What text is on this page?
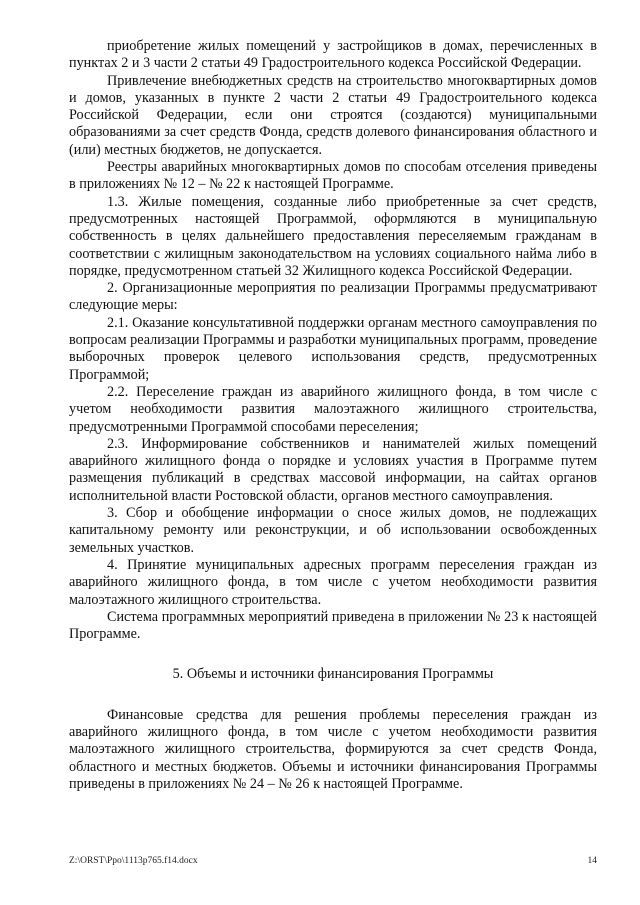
приобретение жилых помещений у застройщиков в домах, перечисленных в пунктах 2 и 3 части 2 статьи 49 Градостроительного кодекса Российской Федерации.

Привлечение внебюджетных средств на строительство многоквартирных домов и домов, указанных в пункте 2 части 2 статьи 49 Градостроительного кодекса Российской Федерации, если они строятся (создаются) муниципальными образованиями за счет средств Фонда, средств долевого финансирования областного и (или) местных бюджетов, не допускается.

Реестры аварийных многоквартирных домов по способам отселения приведены в приложениях № 12 – № 22 к настоящей Программе.

1.3. Жилые помещения, созданные либо приобретенные за счет средств, предусмотренных настоящей Программой, оформляются в муниципальную собственность в целях дальнейшего предоставления переселяемым гражданам в соответствии с жилищным законодательством на условиях социального найма либо в порядке, предусмотренном статьей 32 Жилищного кодекса Российской Федерации.

2. Организационные мероприятия по реализации Программы предусматривают следующие меры:

2.1. Оказание консультативной поддержки органам местного самоуправления по вопросам реализации Программы и разработки муниципальных программ, проведение выборочных проверок целевого использования средств, предусмотренных Программой;

2.2. Переселение граждан из аварийного жилищного фонда, в том числе с учетом необходимости развития малоэтажного жилищного строительства, предусмотренными Программой способами переселения;

2.3. Информирование собственников и нанимателей жилых помещений аварийного жилищного фонда о порядке и условиях участия в Программе путем размещения публикаций в средствах массовой информации, на сайтах органов исполнительной власти Ростовской области, органов местного самоуправления.

3. Сбор и обобщение информации о сносе жилых домов, не подлежащих капитальному ремонту или реконструкции, и об использовании освобожденных земельных участков.

4. Принятие муниципальных адресных программ переселения граждан из аварийного жилищного фонда, в том числе с учетом необходимости развития малоэтажного жилищного строительства.

Система программных мероприятий приведена в приложении № 23 к настоящей Программе.

5. Объемы и источники финансирования Программы

Финансовые средства для решения проблемы переселения граждан из аварийного жилищного фонда, в том числе с учетом необходимости развития малоэтажного жилищного строительства, формируются за счет средств Фонда, областного и местных бюджетов. Объемы и источники финансирования Программы приведены в приложениях № 24 – № 26 к настоящей Программе.

Z:\ORST\Ppo\1113p765.f14.docx	14
